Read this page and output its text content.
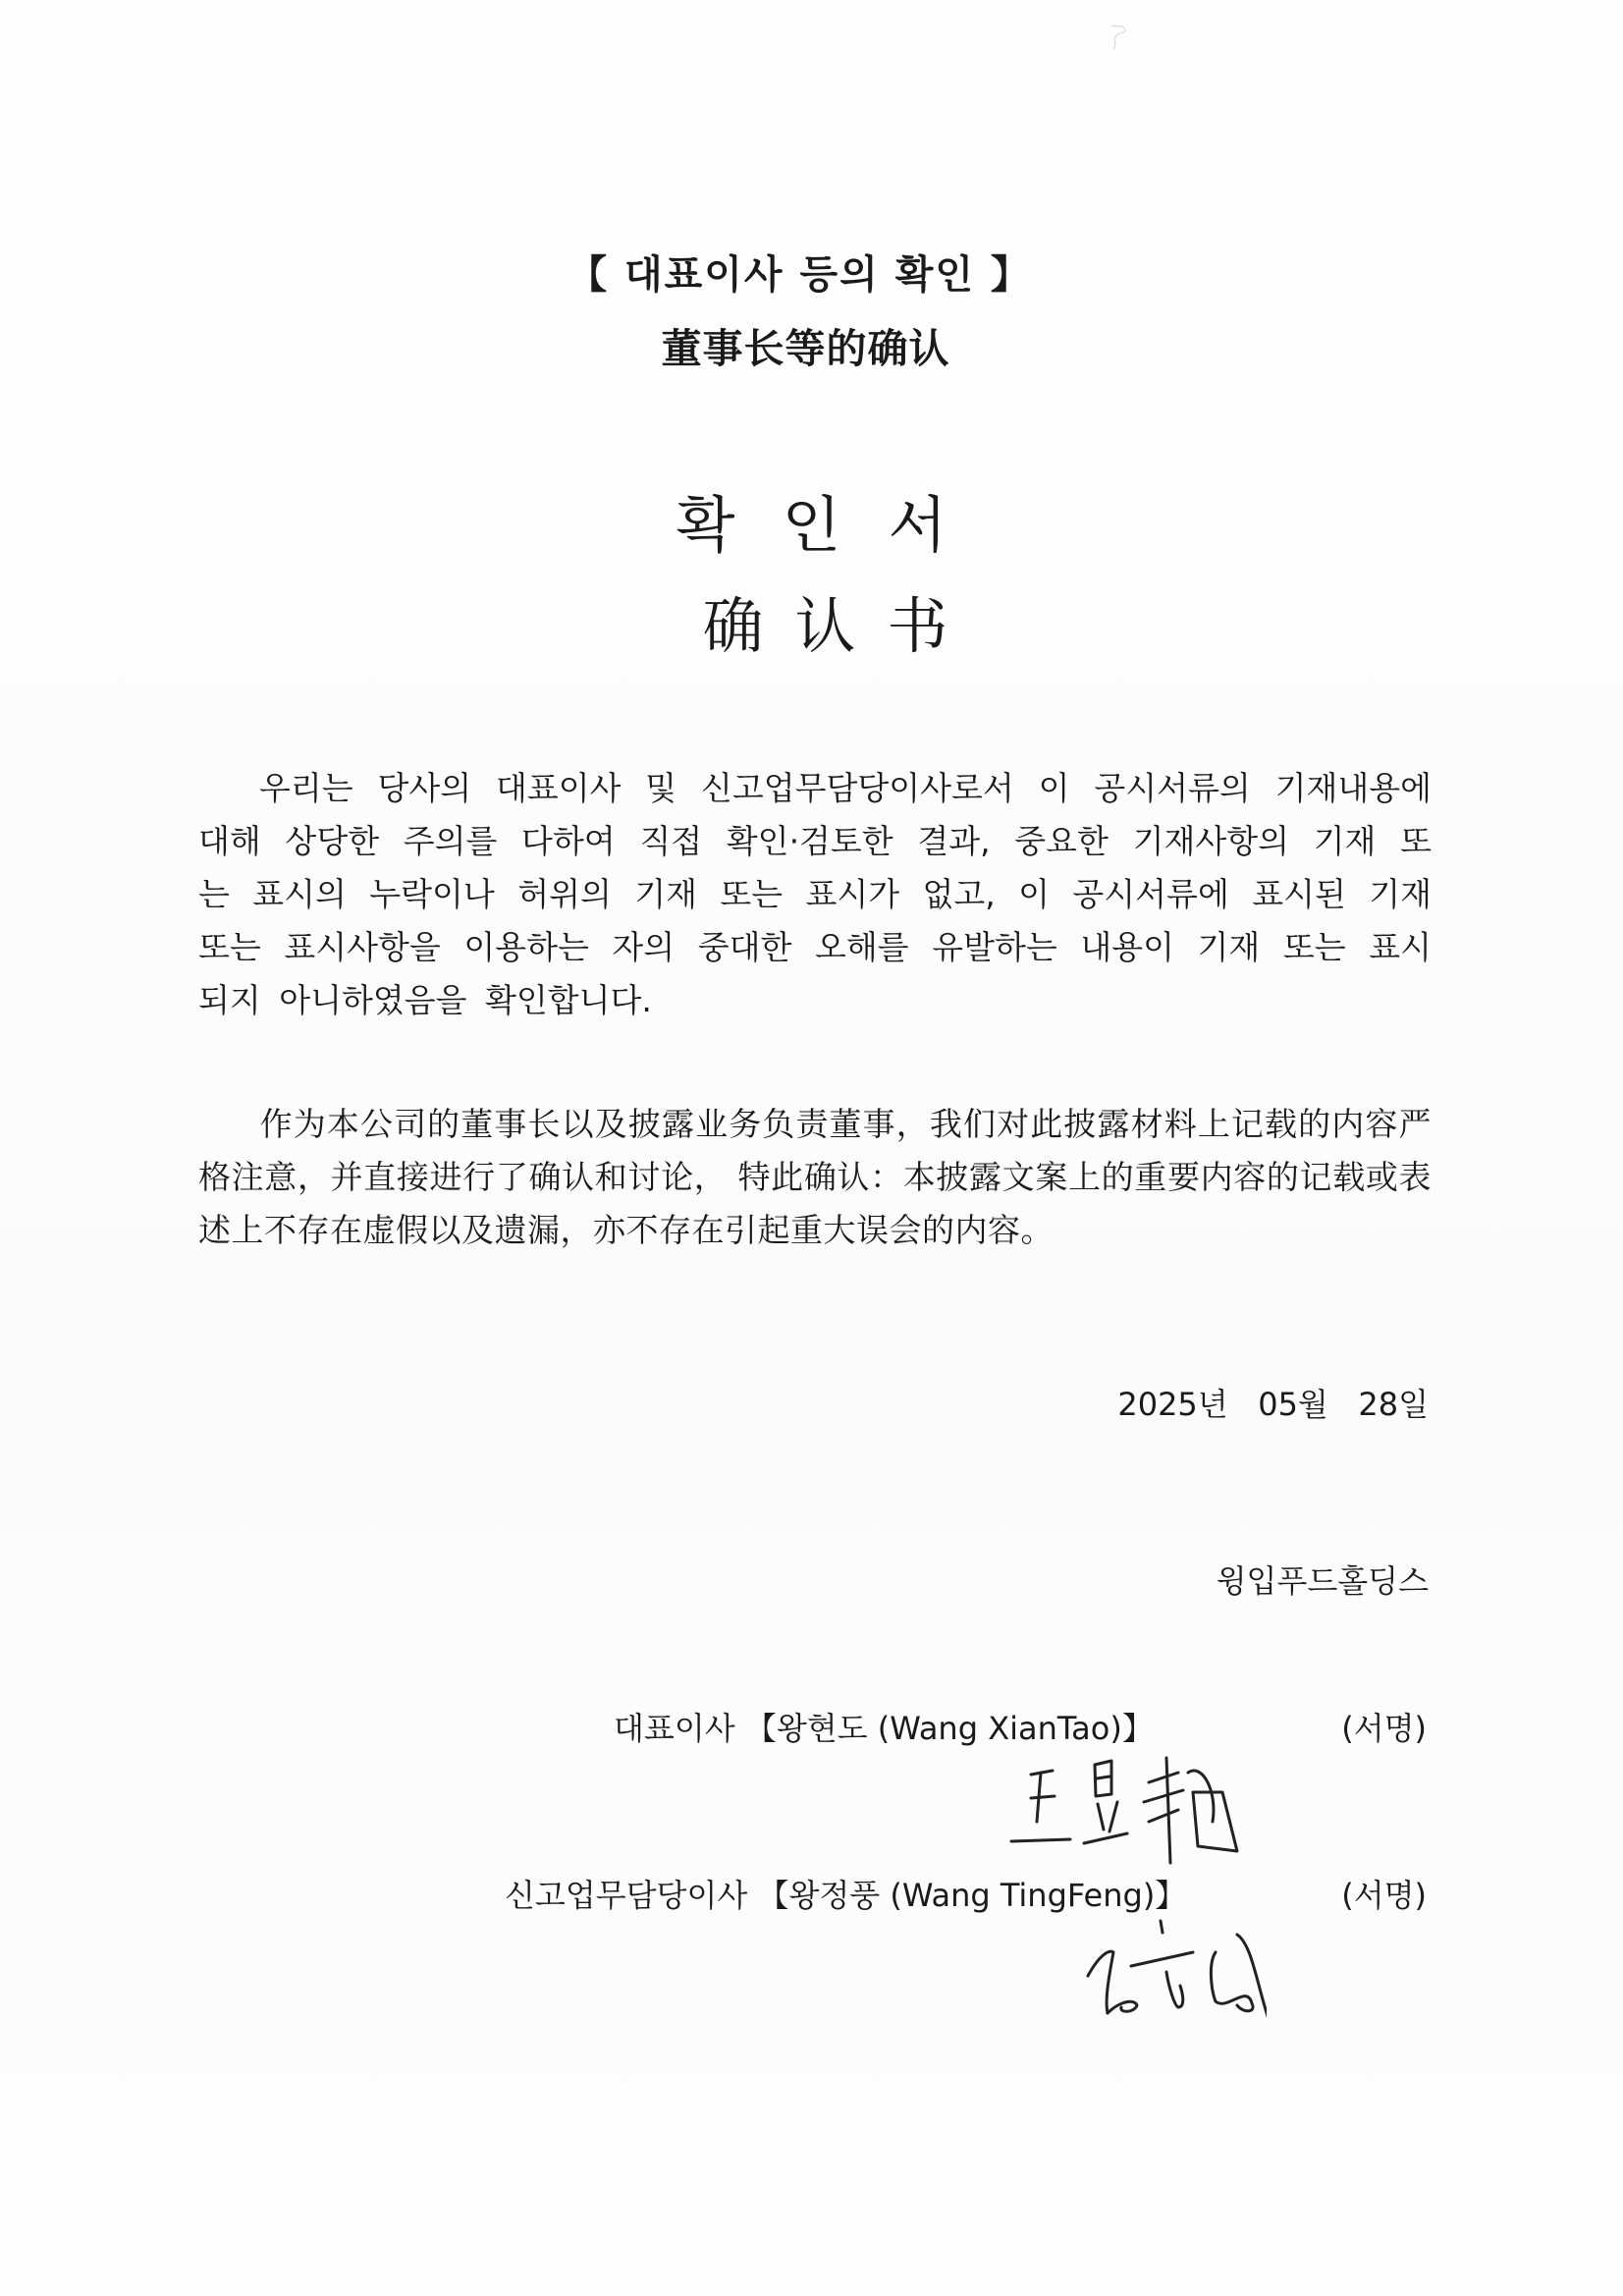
【 대표이사 등의 확인 】
董事长等的确认
확인서
确认书
우리는 당사의 대표이사 및 신고업무담당이사로서 이 공시서류의 기재내용에
대해 상당한 주의를 다하여 직접 확인·검토한 결과, 중요한 기재사항의 기재 또
는 표시의 누락이나 허위의 기재 또는 표시가 없고, 이 공시서류에 표시된 기재
또는 표시사항을 이용하는 자의 중대한 오해를 유발하는 내용이 기재 또는 표시
되지 아니하였음을 확인합니다.
作为本公司的董事长以及披露业务负责董事，我们对此披露材料上记载的内容严
格注意，并直接进行了确认和讨论， 特此确认：本披露文案上的重要内容的记载或表
述上不存在虚假以及遗漏，亦不存在引起重大误会的内容。
2025년   05월   28일
윙입푸드홀딩스
대표이사 【왕현도 (Wang XianTao)】	(서명)
신고업무담당이사 【왕정풍 (Wang TingFeng)】	(서명)
